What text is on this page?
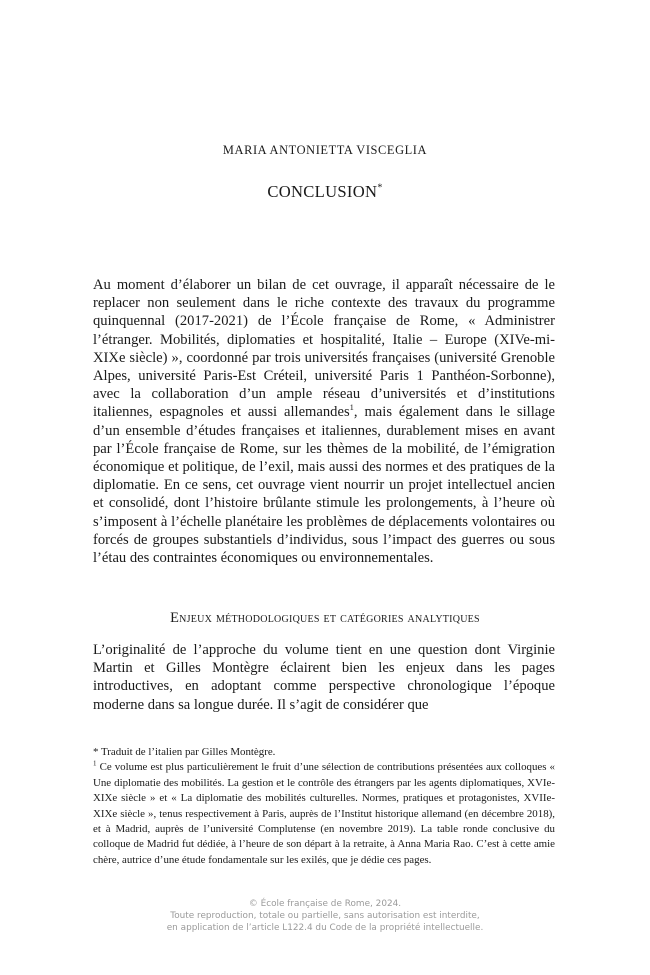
MARIA ANTONIETTA VISCEGLIA
CONCLUSION*

Au moment d’élaborer un bilan de cet ouvrage, il apparaît nécessaire de le replacer non seulement dans le riche contexte des travaux du programme quinquennal (2017-2021) de l’École française de Rome, « Administrer l’étranger. Mobilités, diplomaties et hospitalité, Italie – Europe (XIVe-mi-XIXe siècle) », coordonné par trois universités françaises (université Grenoble Alpes, université Paris-Est Créteil, université Paris 1 Panthéon-Sorbonne), avec la collaboration d’un ample réseau d’universités et d’institutions italiennes, espagnoles et aussi allemandes$^1$, mais également dans le sillage d’un ensemble d’études françaises et italiennes, durablement mises en avant par l’École française de Rome, sur les thèmes de la mobilité, de l’émigration économique et politique, de l’exil, mais aussi des normes et des pratiques de la diplomatie. En ce sens, cet ouvrage vient nourrir un projet intellectuel ancien et consolidé, dont l’histoire brûlante stimule les prolongements, à l’heure où s’imposent à l’échelle planétaire les problèmes de déplacements volontaires ou forcés de groupes substantiels d’individus, sous l’impact des guerres ou sous l’étau des contraintes économiques ou environnementales.

Enjeux méthodologiques et catégories analytiques

L’originalité de l’approche du volume tient en une question dont Virginie Martin et Gilles Montègre éclairent bien les enjeux dans les pages introductives, en adoptant comme perspective chronologique l’époque moderne dans sa longue durée. Il s’agit de considérer que

* Traduit de l’italien par Gilles Montègre.

$^1$ Ce volume est plus particulièrement le fruit d’une sélection de contributions présentées aux colloques « Une diplomatie des mobilités. La gestion et le contrôle des étrangers par les agents diplomatiques, XVIe-XIXe siècle » et « La diplomatie des mobilités culturelles. Normes, pratiques et protagonistes, XVIIe-XIXe siècle », tenus respectivement à Paris, auprès de l’Institut historique allemand (en décembre 2018), et à Madrid, auprès de l’université Complutense (en novembre 2019). La table ronde conclusive du colloque de Madrid fut dédiée, à l’heure de son départ à la retraite, à Anna Maria Rao. C’est à cette amie chère, autrice d’une étude fondamentale sur les exilés, que je dédie ces pages.

© École française de Rome, 2024.
Toute reproduction, totale ou partielle, sans autorisation est interdite,
en application de l’article L122.4 du Code de la propriété intellectuelle.
